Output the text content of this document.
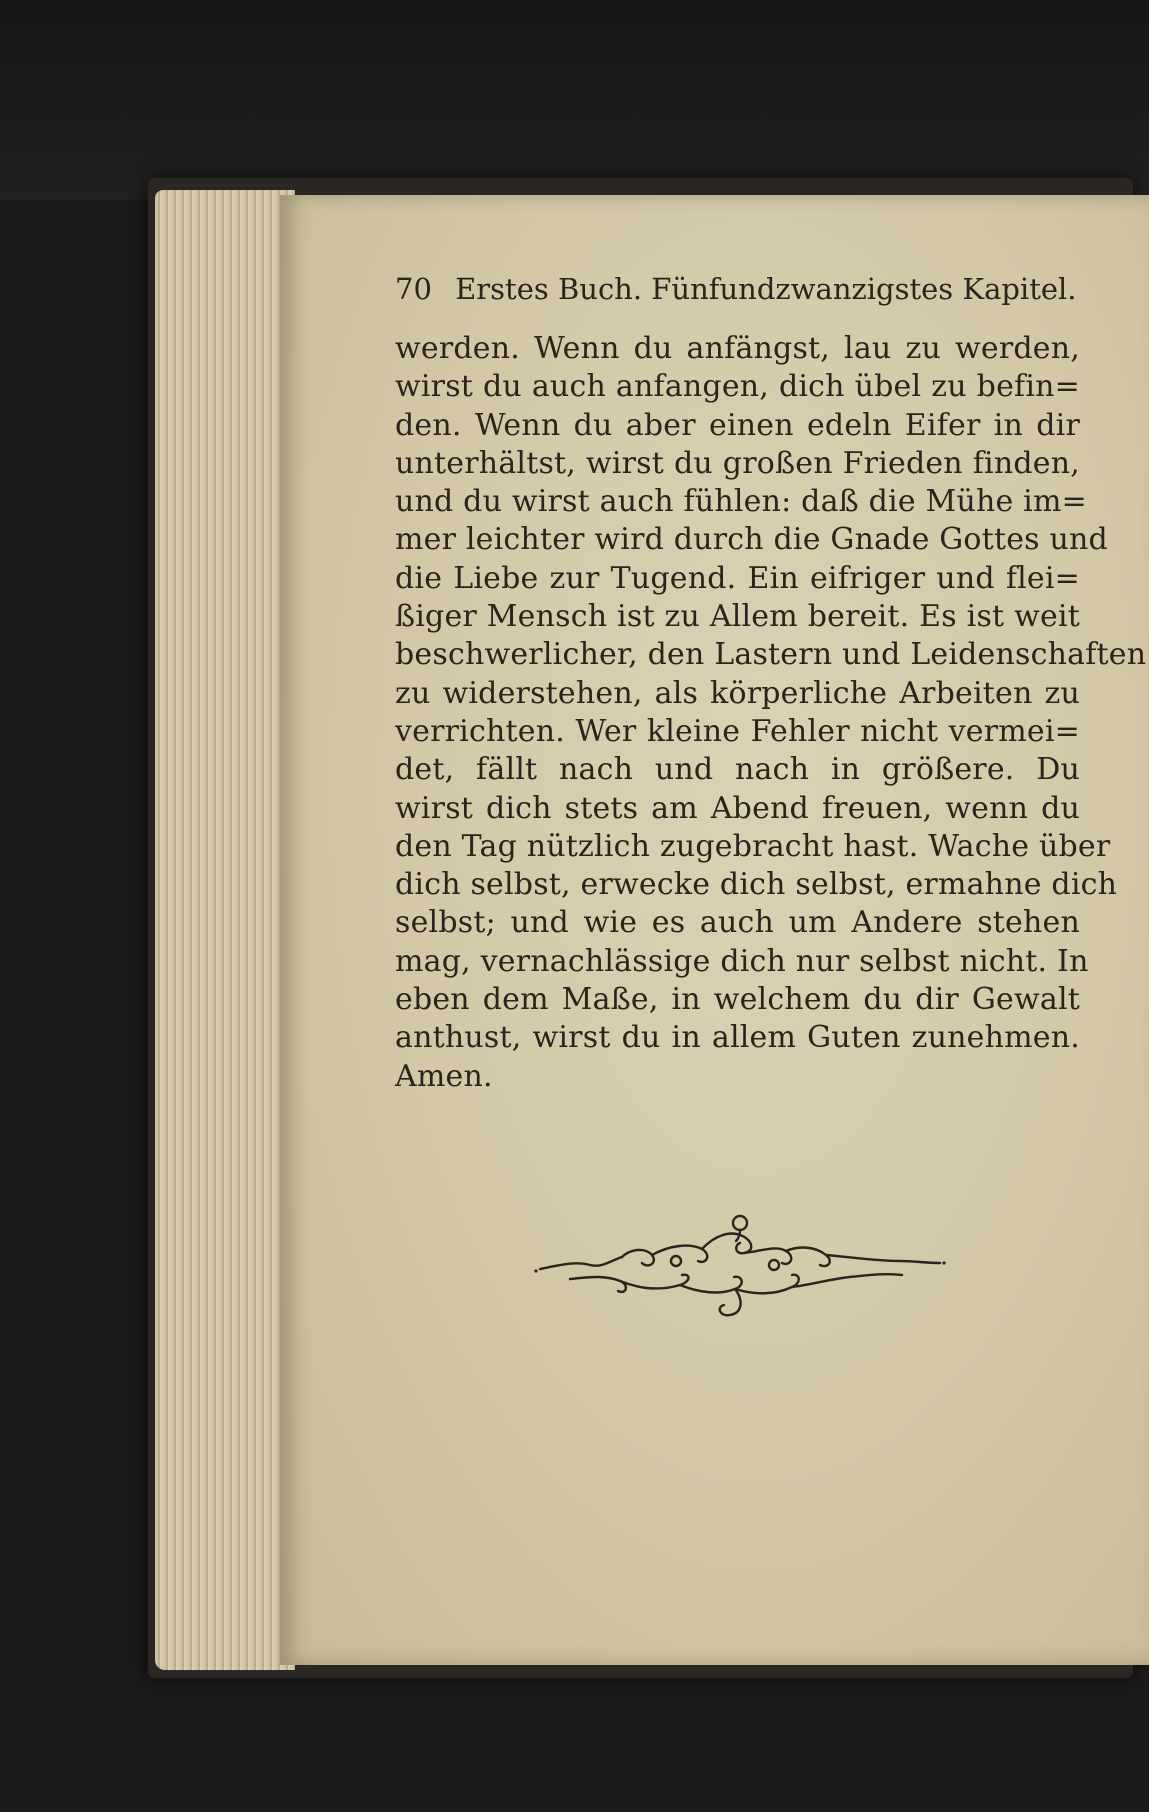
70 Erstes Buch. Fünfundzwanzigstes Kapitel.
werden. Wenn du anfängst, lau zu werden,
wirst du auch anfangen, dich übel zu befin=
den. Wenn du aber einen edeln Eifer in dir
unterhältst, wirst du großen Frieden finden,
und du wirst auch fühlen: daß die Mühe im=
mer leichter wird durch die Gnade Gottes und
die Liebe zur Tugend. Ein eifriger und flei=
ßiger Mensch ist zu Allem bereit. Es ist weit
beschwerlicher, den Lastern und Leidenschaften
zu widerstehen, als körperliche Arbeiten zu
verrichten. Wer kleine Fehler nicht vermei=
det, fällt nach und nach in größere. Du
wirst dich stets am Abend freuen, wenn du
den Tag nützlich zugebracht hast. Wache über
dich selbst, erwecke dich selbst, ermahne dich
selbst; und wie es auch um Andere stehen
mag, vernachlässige dich nur selbst nicht. In
eben dem Maße, in welchem du dir Gewalt
anthust, wirst du in allem Guten zunehmen.
Amen.
